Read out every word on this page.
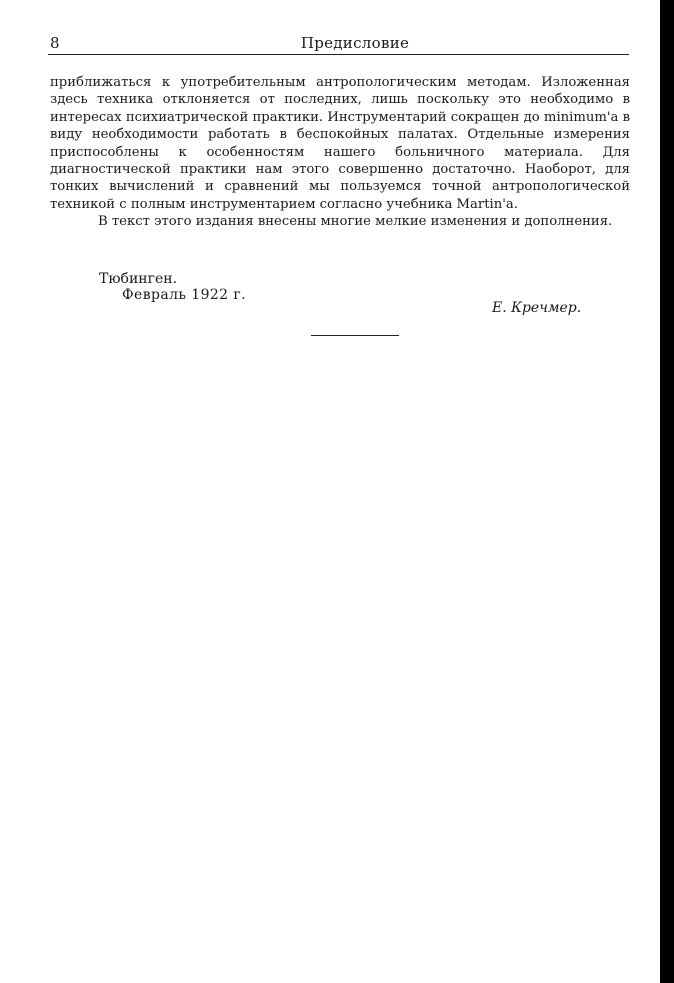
8	Предисловие

приближаться к употребительным антропологическим методам. Изложенная здесь техника отклоняется от последних, лишь поскольку это необходимо в интересах психиатрической практики. Инструментарий сокращен до minimum'а в виду необходимости работать в беспокойных палатах. Отдельные измерения приспособлены к особенностям нашего больничного материала. Для диагностической практики нам этого совершенно достаточно. Наоборот, для тонких вычислений и сравнений мы пользуемся точной антропологической техникой с полным инструментарием согласно учебника Martin'а.

В текст этого издания внесены многие мелкие изменения и дополнения.

Тюбинген.
Февраль 1922 г.
Е. Кречмер.
